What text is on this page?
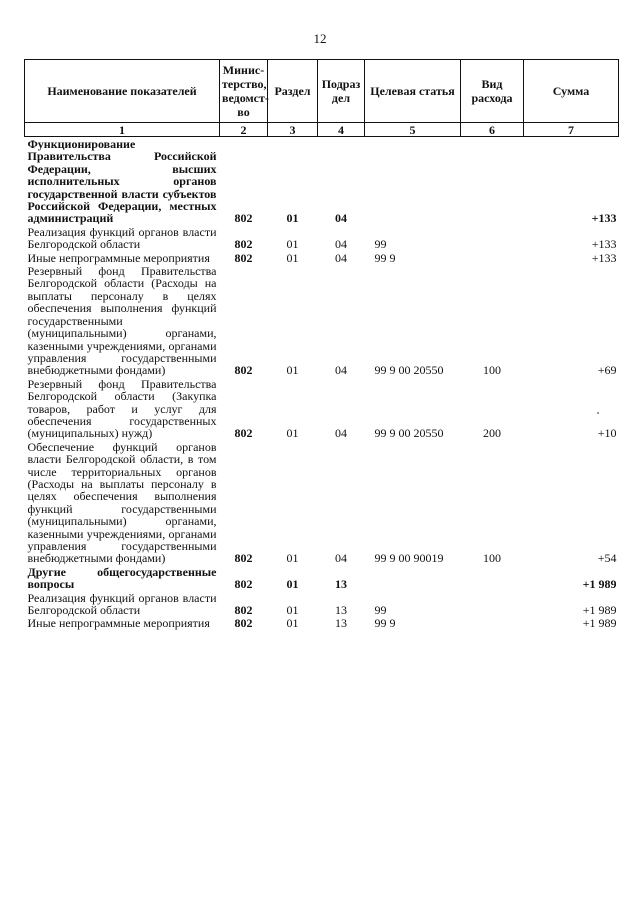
12
Наименование показателей	Минис-терство, ведомст-во	Раздел	Подраз дел	Целевая статья	Вид расхода	Сумма
1	2	3	4	5	6	7
Функционирование Правительства Российской Федерации, высших исполнительных органов государственной власти субъектов Российской Федерации, местных администраций	802	01	04			+133
Реализация функций органов власти Белгородской области	802	01	04	99		+133
Иные непрограммные мероприятия	802	01	04	99 9		+133
Резервный фонд Правительства Белгородской области (Расходы на выплаты персоналу в целях обеспечения выполнения функций государственными (муниципальными) органами, казенными учреждениями, органами управления государственными внебюджетными фондами)	802	01	04	99 9 00 20550	100	+69
Резервный фонд Правительства Белгородской области (Закупка товаров, работ и услуг для обеспечения государственных (муниципальных) нужд)	802	01	04	99 9 00 20550	200	+10
Обеспечение функций органов власти Белгородской области, в том числе территориальных органов (Расходы на выплаты персоналу в целях обеспечения выполнения функций государственными (муниципальными) органами, казенными учреждениями, органами управления государственными внебюджетными фондами)	802	01	04	99 9 00 90019	100	+54
Другие общегосударственные вопросы	802	01	13			+1 989
Реализация функций органов власти Белгородской области	802	01	13	99		+1 989
Иные непрограммные мероприятия	802	01	13	99 9		+1 989
